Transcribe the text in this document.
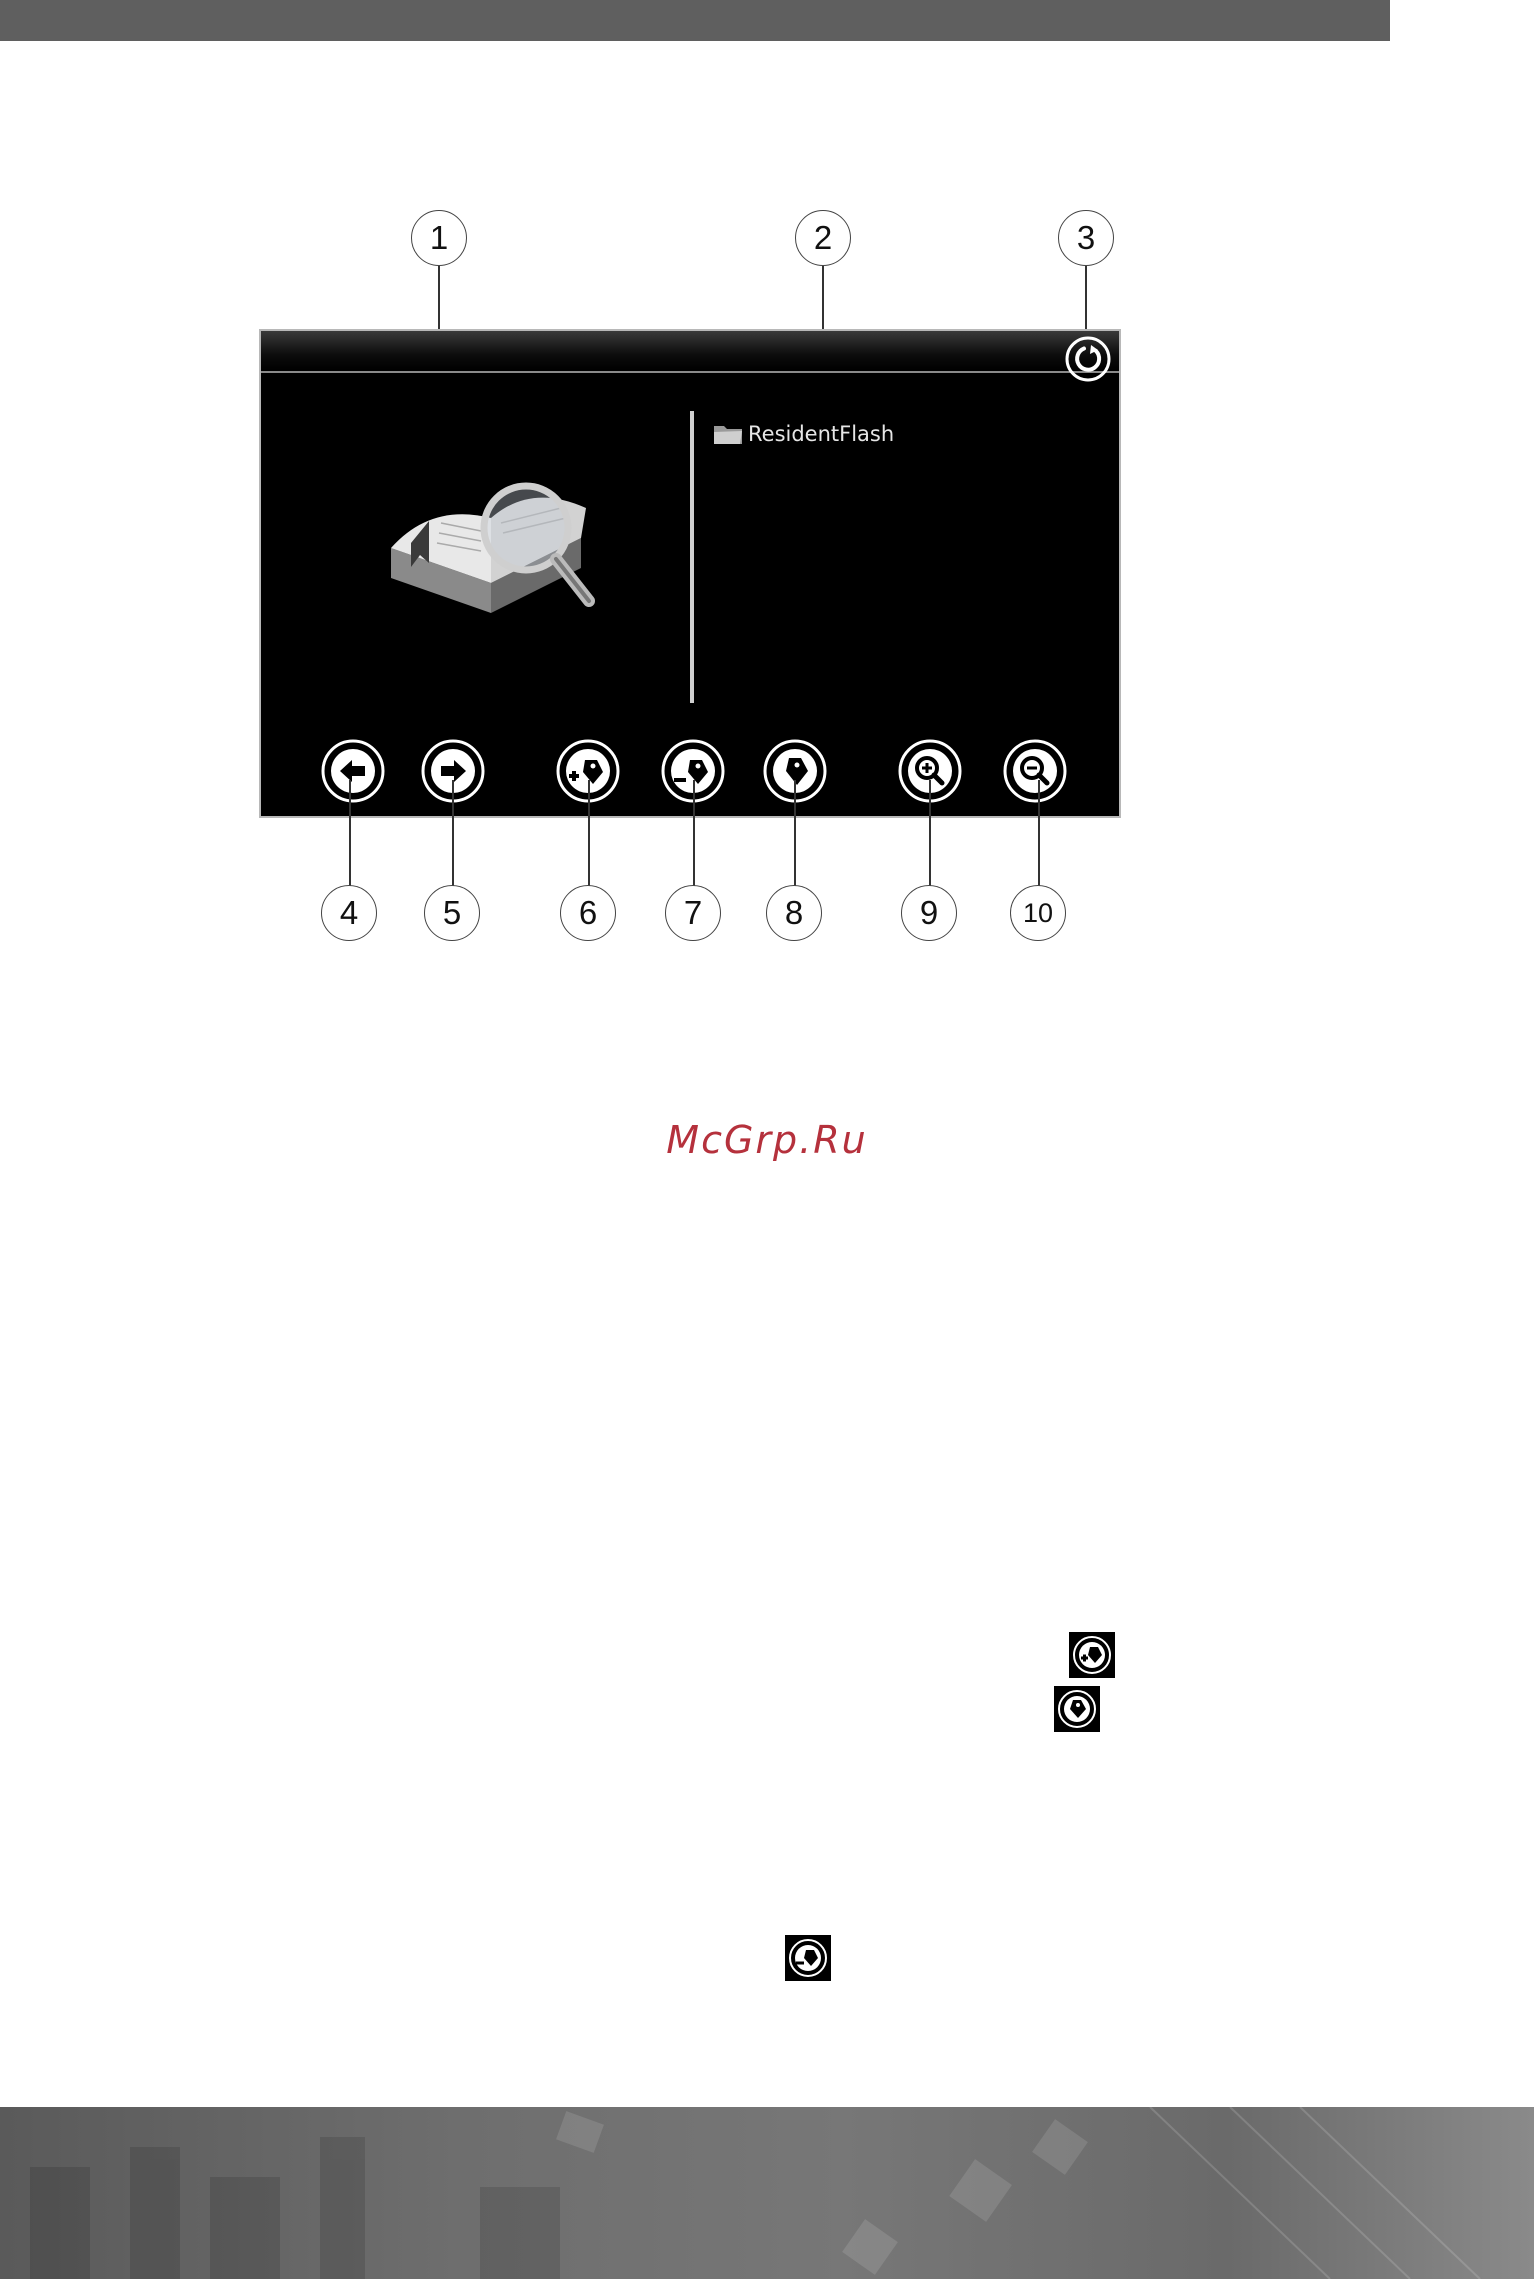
1	2	3
ResidentFlash
4	5	6	7	8	9	10
McGrp.Ru
